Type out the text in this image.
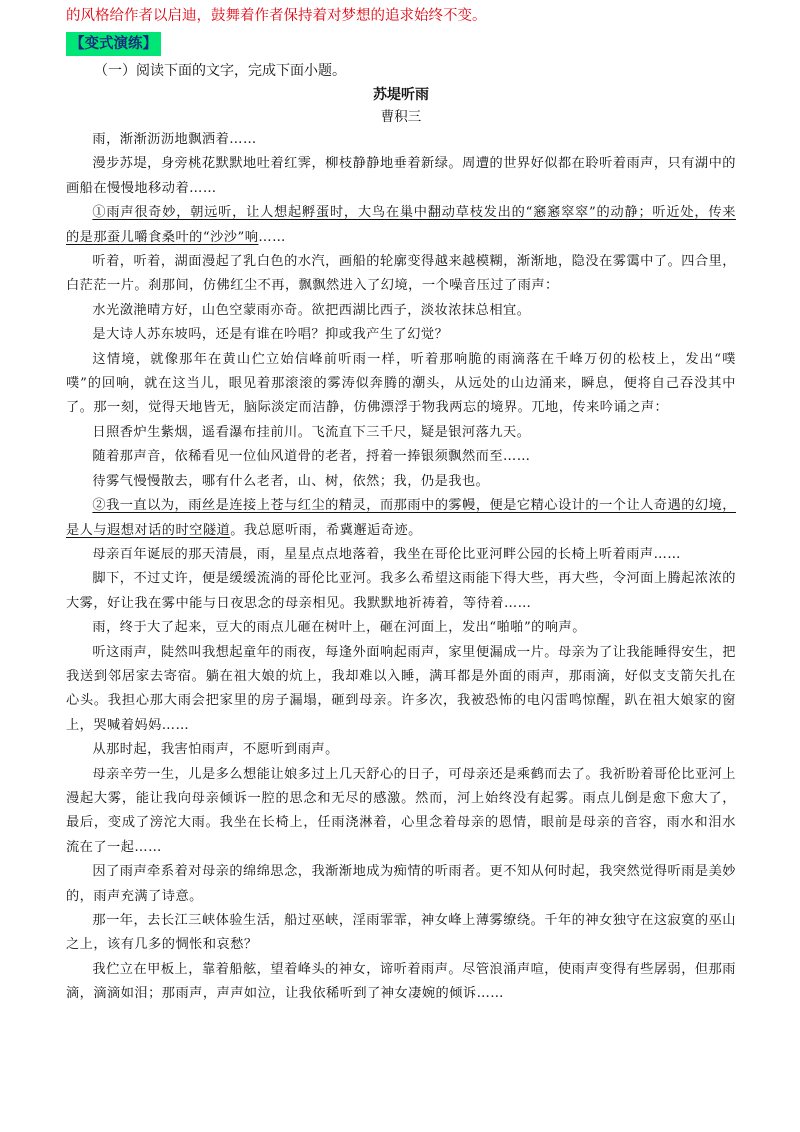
的风格给作者以启迪，鼓舞着作者保持着对梦想的追求始终不变。

【变式演练】
（一）阅读下面的文字，完成下面小题。
苏堤听雨
曹积三

雨，渐渐沥沥地飘洒着……

漫步苏堤，身旁桃花默默地吐着红霁，柳枝静静地垂着新绿。周遭的世界好似都在聆听着雨声，只有湖中的画船在慢慢地移动着……

①雨声很奇妙，朝远听，让人想起孵蛋时，大鸟在巢中翻动草枝发出的“窸窸窣窣”的动静；听近处，传来的是那蚕儿嚼食桑叶的“沙沙”响……

听着，听着，湖面漫起了乳白色的水汽，画船的轮廓变得越来越模糊，渐渐地，隐没在雾霭中了。四合里，白茫茫一片。刹那间，仿佛红尘不再，飘飘然进入了幻境，一个噪音压过了雨声：

水光潋滟晴方好，山色空蒙雨亦奇。欲把西湖比西子，淡妆浓抹总相宜。

是大诗人苏东坡吗，还是有谁在吟唱？抑或我产生了幻觉？

这情境，就像那年在黄山伫立始信峰前听雨一样，听着那响脆的雨滴落在千峰万仞的松枝上，发出“噗噗”的回响，就在这当儿，眼见着那滚滚的雾涛似奔腾的潮头，从远处的山边涌来，瞬息，便将自己吞没其中了。那一刻，觉得天地皆无，脑际淡定而洁静，仿佛漂浮于物我两忘的境界。兀地，传来吟诵之声：

日照香炉生紫烟，遥看瀑布挂前川。飞流直下三千尺，疑是银河落九天。

随着那声音，依稀看见一位仙风道骨的老者，捋着一捧银须飘然而至……

待雾气慢慢散去，哪有什么老者，山、树，依然；我，仍是我也。

②我一直以为，雨丝是连接上苍与红尘的精灵，而那雨中的雾幔，便是它精心设计的一个让人奇遇的幻境，是人与遐想对话的时空隧道。我总愿听雨，希冀邂逅奇迹。

母亲百年诞辰的那天清晨，雨，星星点点地落着，我坐在哥伦比亚河畔公园的长椅上听着雨声……

脚下，不过丈许，便是缓缓流淌的哥伦比亚河。我多么希望这雨能下得大些，再大些，令河面上腾起浓浓的大雾，好让我在雾中能与日夜思念的母亲相见。我默默地祈祷着，等待着……

雨，终于大了起来，豆大的雨点儿砸在树叶上，砸在河面上，发出“啪啪”的响声。

听这雨声，陡然叫我想起童年的雨夜，每逢外面响起雨声，家里便漏成一片。母亲为了让我能睡得安生，把我送到邻居家去寄宿。躺在祖大娘的炕上，我却难以入睡，满耳都是外面的雨声，那雨滴，好似支支箭矢扎在心头。我担心那大雨会把家里的房子漏塌，砸到母亲。许多次，我被恐怖的电闪雷鸣惊醒，趴在祖大娘家的窗上，哭喊着妈妈……

从那时起，我害怕雨声，不愿听到雨声。

母亲辛劳一生，儿是多么想能让娘多过上几天舒心的日子，可母亲还是乘鹤而去了。我祈盼着哥伦比亚河上漫起大雾，能让我向母亲倾诉一腔的思念和无尽的感激。然而，河上始终没有起雾。雨点儿倒是愈下愈大了，最后，变成了滂沱大雨。我坐在长椅上，任雨浇淋着，心里念着母亲的恩情，眼前是母亲的音容，雨水和泪水流在了一起……

因了雨声牵系着对母亲的绵绵思念，我渐渐地成为痴情的听雨者。更不知从何时起，我突然觉得听雨是美妙的，雨声充满了诗意。

那一年，去长江三峡体验生活，船过巫峡，淫雨霏霏，神女峰上薄雾缭绕。千年的神女独守在这寂寞的巫山之上，该有几多的惆怅和哀愁？

我伫立在甲板上，靠着船舷，望着峰头的神女，谛听着雨声。尽管浪涌声喧，使雨声变得有些孱弱，但那雨滴，滴滴如泪；那雨声，声声如泣，让我依稀听到了神女凄婉的倾诉……
